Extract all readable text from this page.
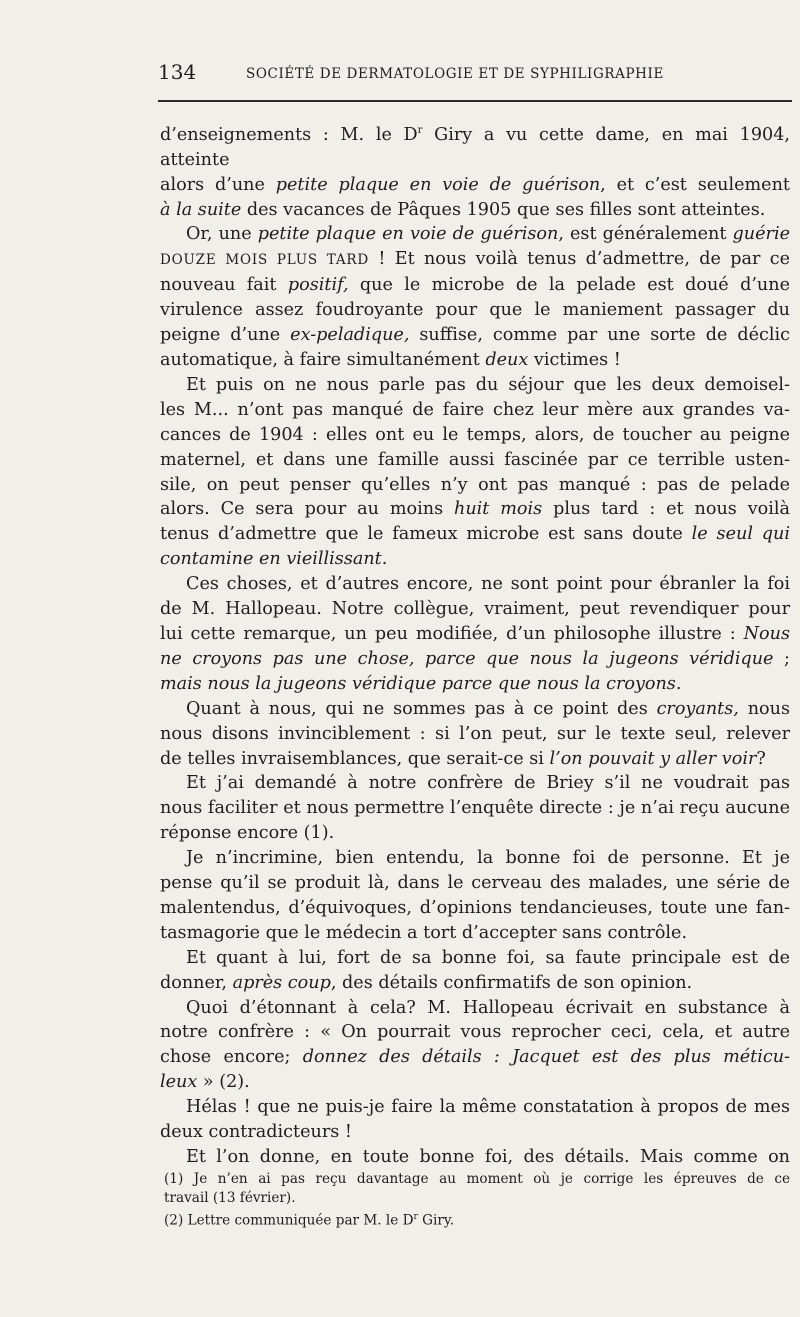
134	SOCIÉTÉ DE DERMATOLOGIE ET DE SYPHILIGRAPHIE

d’enseignements : M. le $D^r$ Giry a vu cette dame, en mai 1904, atteinte

alors d’une petite plaque en voie de guérison, et c’est seulement

à la suite des vacances de Pâques 1905 que ses filles sont atteintes.

Or, une petite plaque en voie de guérison, est généralement guérie

DOUZE MOIS PLUS TARD ! Et nous voilà tenus d’admettre, de par ce

nouveau fait positif, que le microbe de la pelade est doué d’une

virulence assez foudroyante pour que le maniement passager du

peigne d’une ex-peladique, suffise, comme par une sorte de déclic

automatique, à faire simultanément deux victimes !

Et puis on ne nous parle pas du séjour que les deux demoisel-

les M... n’ont pas manqué de faire chez leur mère aux grandes va-

cances de 1904 : elles ont eu le temps, alors, de toucher au peigne

maternel, et dans une famille aussi fascinée par ce terrible usten-

sile, on peut penser qu’elles n’y ont pas manqué : pas de pelade

alors. Ce sera pour au moins huit mois plus tard : et nous voilà

tenus d’admettre que le fameux microbe est sans doute le seul qui

contamine en vieillissant.

Ces choses, et d’autres encore, ne sont point pour ébranler la foi

de M. Hallopeau. Notre collègue, vraiment, peut revendiquer pour

lui cette remarque, un peu modifiée, d’un philosophe illustre : Nous

ne croyons pas une chose, parce que nous la jugeons véridique ;

mais nous la jugeons véridique parce que nous la croyons.

Quant à nous, qui ne sommes pas à ce point des croyants, nous

nous disons invinciblement : si l’on peut, sur le texte seul, relever

de telles invraisemblances, que serait-ce si l’on pouvait y aller voir?

Et j’ai demandé à notre confrère de Briey s’il ne voudrait pas

nous faciliter et nous permettre l’enquête directe : je n’ai reçu aucune

réponse encore (1).

Je n’incrimine, bien entendu, la bonne foi de personne. Et je

pense qu’il se produit là, dans le cerveau des malades, une série de

malentendus, d’équivoques, d’opinions tendancieuses, toute une fan-

tasmagorie que le médecin a tort d’accepter sans contrôle.

Et quant à lui, fort de sa bonne foi, sa faute principale est de

donner, après coup, des détails confirmatifs de son opinion.

Quoi d’étonnant à cela? M. Hallopeau écrivait en substance à

notre confrère : « On pourrait vous reprocher ceci, cela, et autre

chose encore; donnez des détails : Jacquet est des plus méticu-

leux » (2).

Hélas ! que ne puis-je faire la même constatation à propos de mes

deux contradicteurs !

Et l’on donne, en toute bonne foi, des détails. Mais comme on

(1) Je n’en ai pas reçu davantage au moment où je corrige les épreuves de ce
travail (13 février).

(2) Lettre communiquée par M. le $D^r$ Giry.
